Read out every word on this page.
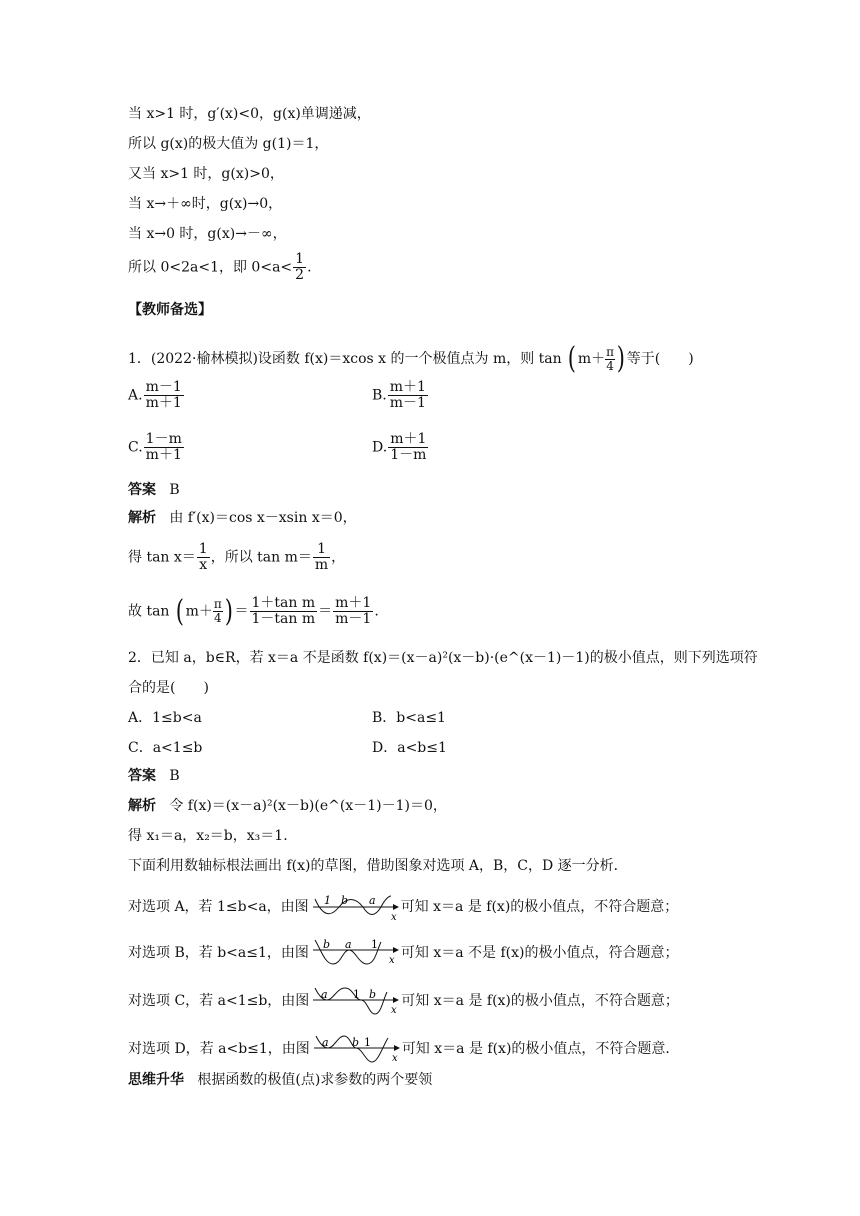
当 x>1 时，g′(x)<0，g(x)单调递减，
所以 g(x)的极大值为 g(1)＝1，
又当 x>1 时，g(x)>0，
当 x→＋∞时，g(x)→0，
当 x→0 时，g(x)→－∞，
所以 0<2a<1，即 $0<a< \frac{1}{2}$ .
【教师备选】
1．(2022·榆林模拟)设函数 f(x)＝xcos x 的一个极值点为 m，则 tan ( $m+ \frac{\pi}{4}$ ) 等于(　　)
A. $\frac{m-1}{m+1}$	B. $\frac{m+1}{m-1}$
C. $\frac{1-m}{m+1}$	D. $\frac{m+1}{1-m}$
答案 B
解析 由 f′(x)＝cos x－xsin x＝0，
得 $\tan x= \frac{1}{x}$ ，所以 $\tan m= \frac{1}{m}$ ，
故 tan ( $m+ \frac{\pi}{4}$ ) ＝ $\frac{\text{1＋tan m}}{\text{1－tan m}} = \frac{m+1}{m-1}$ .
2．已知 a，b∈R，若 x＝a 不是函数 f(x)＝(x－a)²(x－b)·(e^(x－1)－1)的极小值点，则下列选项符
合的是(　　)
A．1≤b<a	B．b<a≤1
C．a<1≤b	D．a<b≤1
答案 B
解析 令 f(x)＝(x－a)²(x－b)(e^(x－1)－1)＝0，
得 x₁＝a，x₂＝b，x₃＝1.
下面利用数轴标根法画出 f(x)的草图，借助图象对选项 A，B，C，D 逐一分析．
对选项 A，若 1≤b<a，由图 1 b a
x
可知 x＝a 是 f(x)的极小值点，不符合题意；
对选项 B，若 b<a≤1，由图
b a 1
x 可知 x＝a 不是 f(x)的极小值点，符合题意；
对选项 C，若 a<1≤b，由图 a 1 b
x
可知 x＝a 是 f(x)的极小值点，不符合题意；
对选项 D，若 a<b≤1，由图 a b 1
x
可知 x＝a 是 f(x)的极小值点，不符合题意．
思维升华 根据函数的极值(点)求参数的两个要领
